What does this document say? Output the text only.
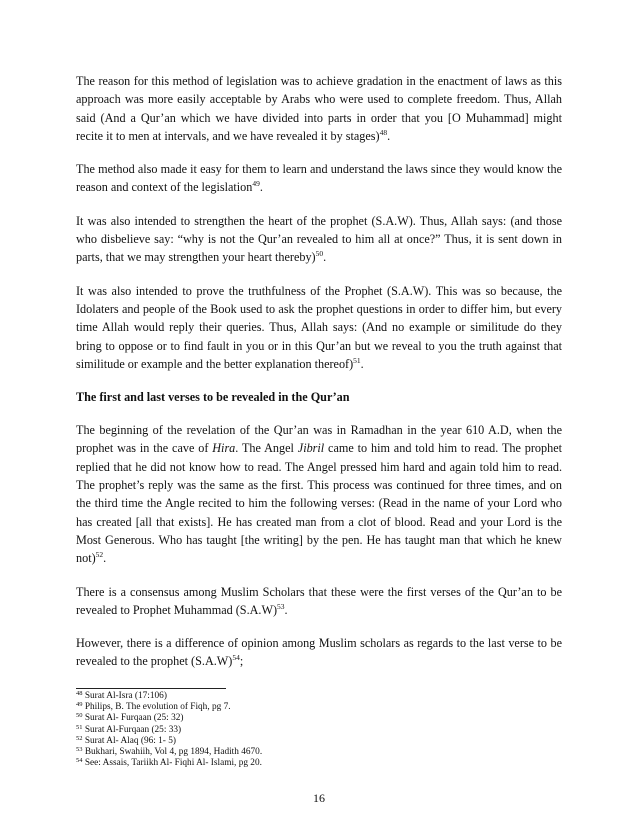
The reason for this method of legislation was to achieve gradation in the enactment of laws as this approach was more easily acceptable by Arabs who were used to complete freedom. Thus, Allah said (And a Qur’an which we have divided into parts in order that you [O Muhammad] might recite it to men at intervals, and we have revealed it by stages)$^{48}$.

The method also made it easy for them to learn and understand the laws since they would know the reason and context of the legislation$^{49}$.

It was also intended to strengthen the heart of the prophet (S.A.W). Thus, Allah says: (and those who disbelieve say: “why is not the Qur’an revealed to him all at once?” Thus, it is sent down in parts, that we may strengthen your heart thereby)$^{50}$.

It was also intended to prove the truthfulness of the Prophet (S.A.W). This was so because, the Idolaters and people of the Book used to ask the prophet questions in order to differ him, but every time Allah would reply their queries. Thus, Allah says: (And no example or similitude do they bring to oppose or to find fault in you or in this Qur’an but we reveal to you the truth against that similitude or example and the better explanation thereof)$^{51}$.

The first and last verses to be revealed in the Qur’an

The beginning of the revelation of the Qur’an was in Ramadhan in the year 610 A.D, when the prophet was in the cave of Hira. The Angel Jibril came to him and told him to read. The prophet replied that he did not know how to read. The Angel pressed him hard and again told him to read. The prophet’s reply was the same as the first. This process was continued for three times, and on the third time the Angle recited to him the following verses: (Read in the name of your Lord who has created [all that exists]. He has created man from a clot of blood. Read and your Lord is the Most Generous. Who has taught [the writing] by the pen. He has taught man that which he knew not)$^{52}$.

There is a consensus among Muslim Scholars that these were the first verses of the Qur’an to be revealed to Prophet Muhammad $(S.A.W)^{53}$.

However, there is a difference of opinion among Muslim scholars as regards to the last verse to be revealed to the prophet $(S.A.W)^{54}$;

$^{48}$ Surat Al-Isra (17:106)

$^{49}$ Philips, B. The evolution of Fiqh, pg 7.

$^{50}$ Surat Al- Furqaan (25: 32)

$^{51}$ Surat Al-Furqaan (25: 33)

$^{52}$ Surat Al- Alaq (96: 1- 5)

$^{53}$ Bukhari, Swahiih, Vol 4, pg 1894, Hadith 4670.

$^{54}$ See: Assais, Tariikh Al- Fiqhi Al- Islami, pg 20.

16
